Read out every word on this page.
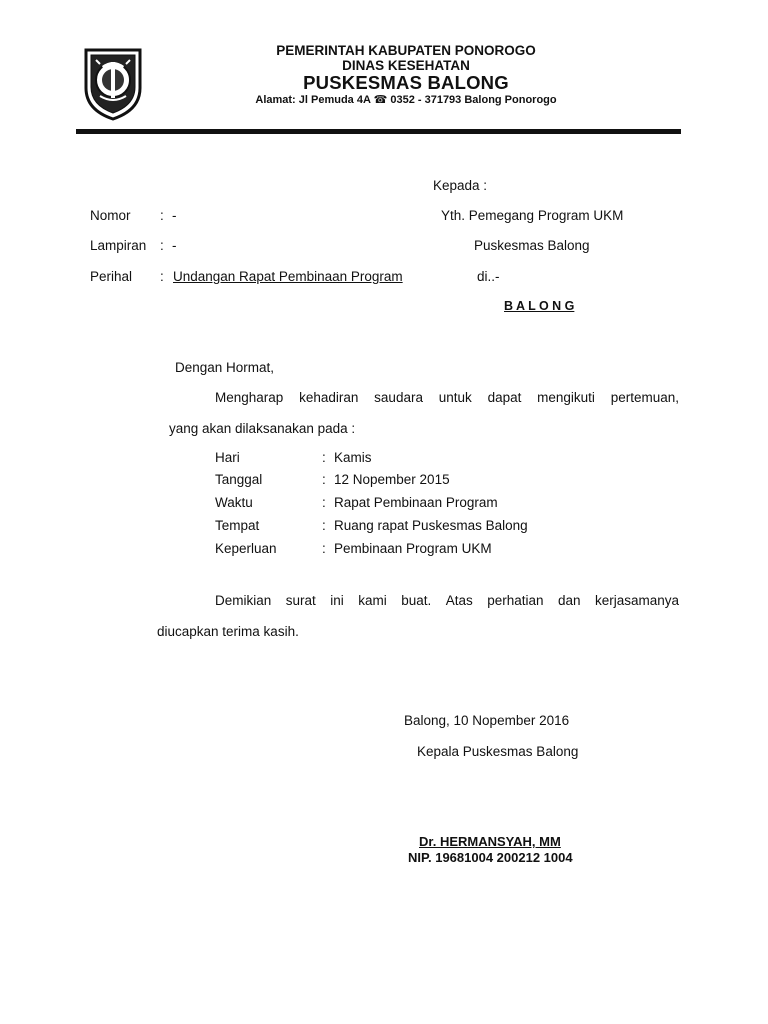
PEMERINTAH KABUPATEN PONOROGO
DINAS KESEHATAN
PUSKESMAS BALONG
Alamat: Jl Pemuda 4A ☎ 0352 - 371793 Balong Ponorogo
Kepada :
Yth. Pemegang Program UKM
Puskesmas Balong
di..-
B A L O N G
Nomor : -
Lampiran : -
Perihal : Undangan Rapat Pembinaan Program
Dengan Hormat,
Mengharap kehadiran saudara untuk dapat mengikuti pertemuan,
yang akan dilaksanakan pada :
Hari	: Kamis
Tanggal	: 12 Nopember 2015
Waktu	: Rapat Pembinaan Program
Tempat	: Ruang rapat Puskesmas Balong
Keperluan	: Pembinaan Program UKM
Demikian surat ini kami buat. Atas perhatian dan kerjasamanya
diucapkan terima kasih.
Balong, 10 Nopember 2016
Kepala Puskesmas Balong
Dr. HERMANSYAH, MM
NIP. 19681004 200212 1004
